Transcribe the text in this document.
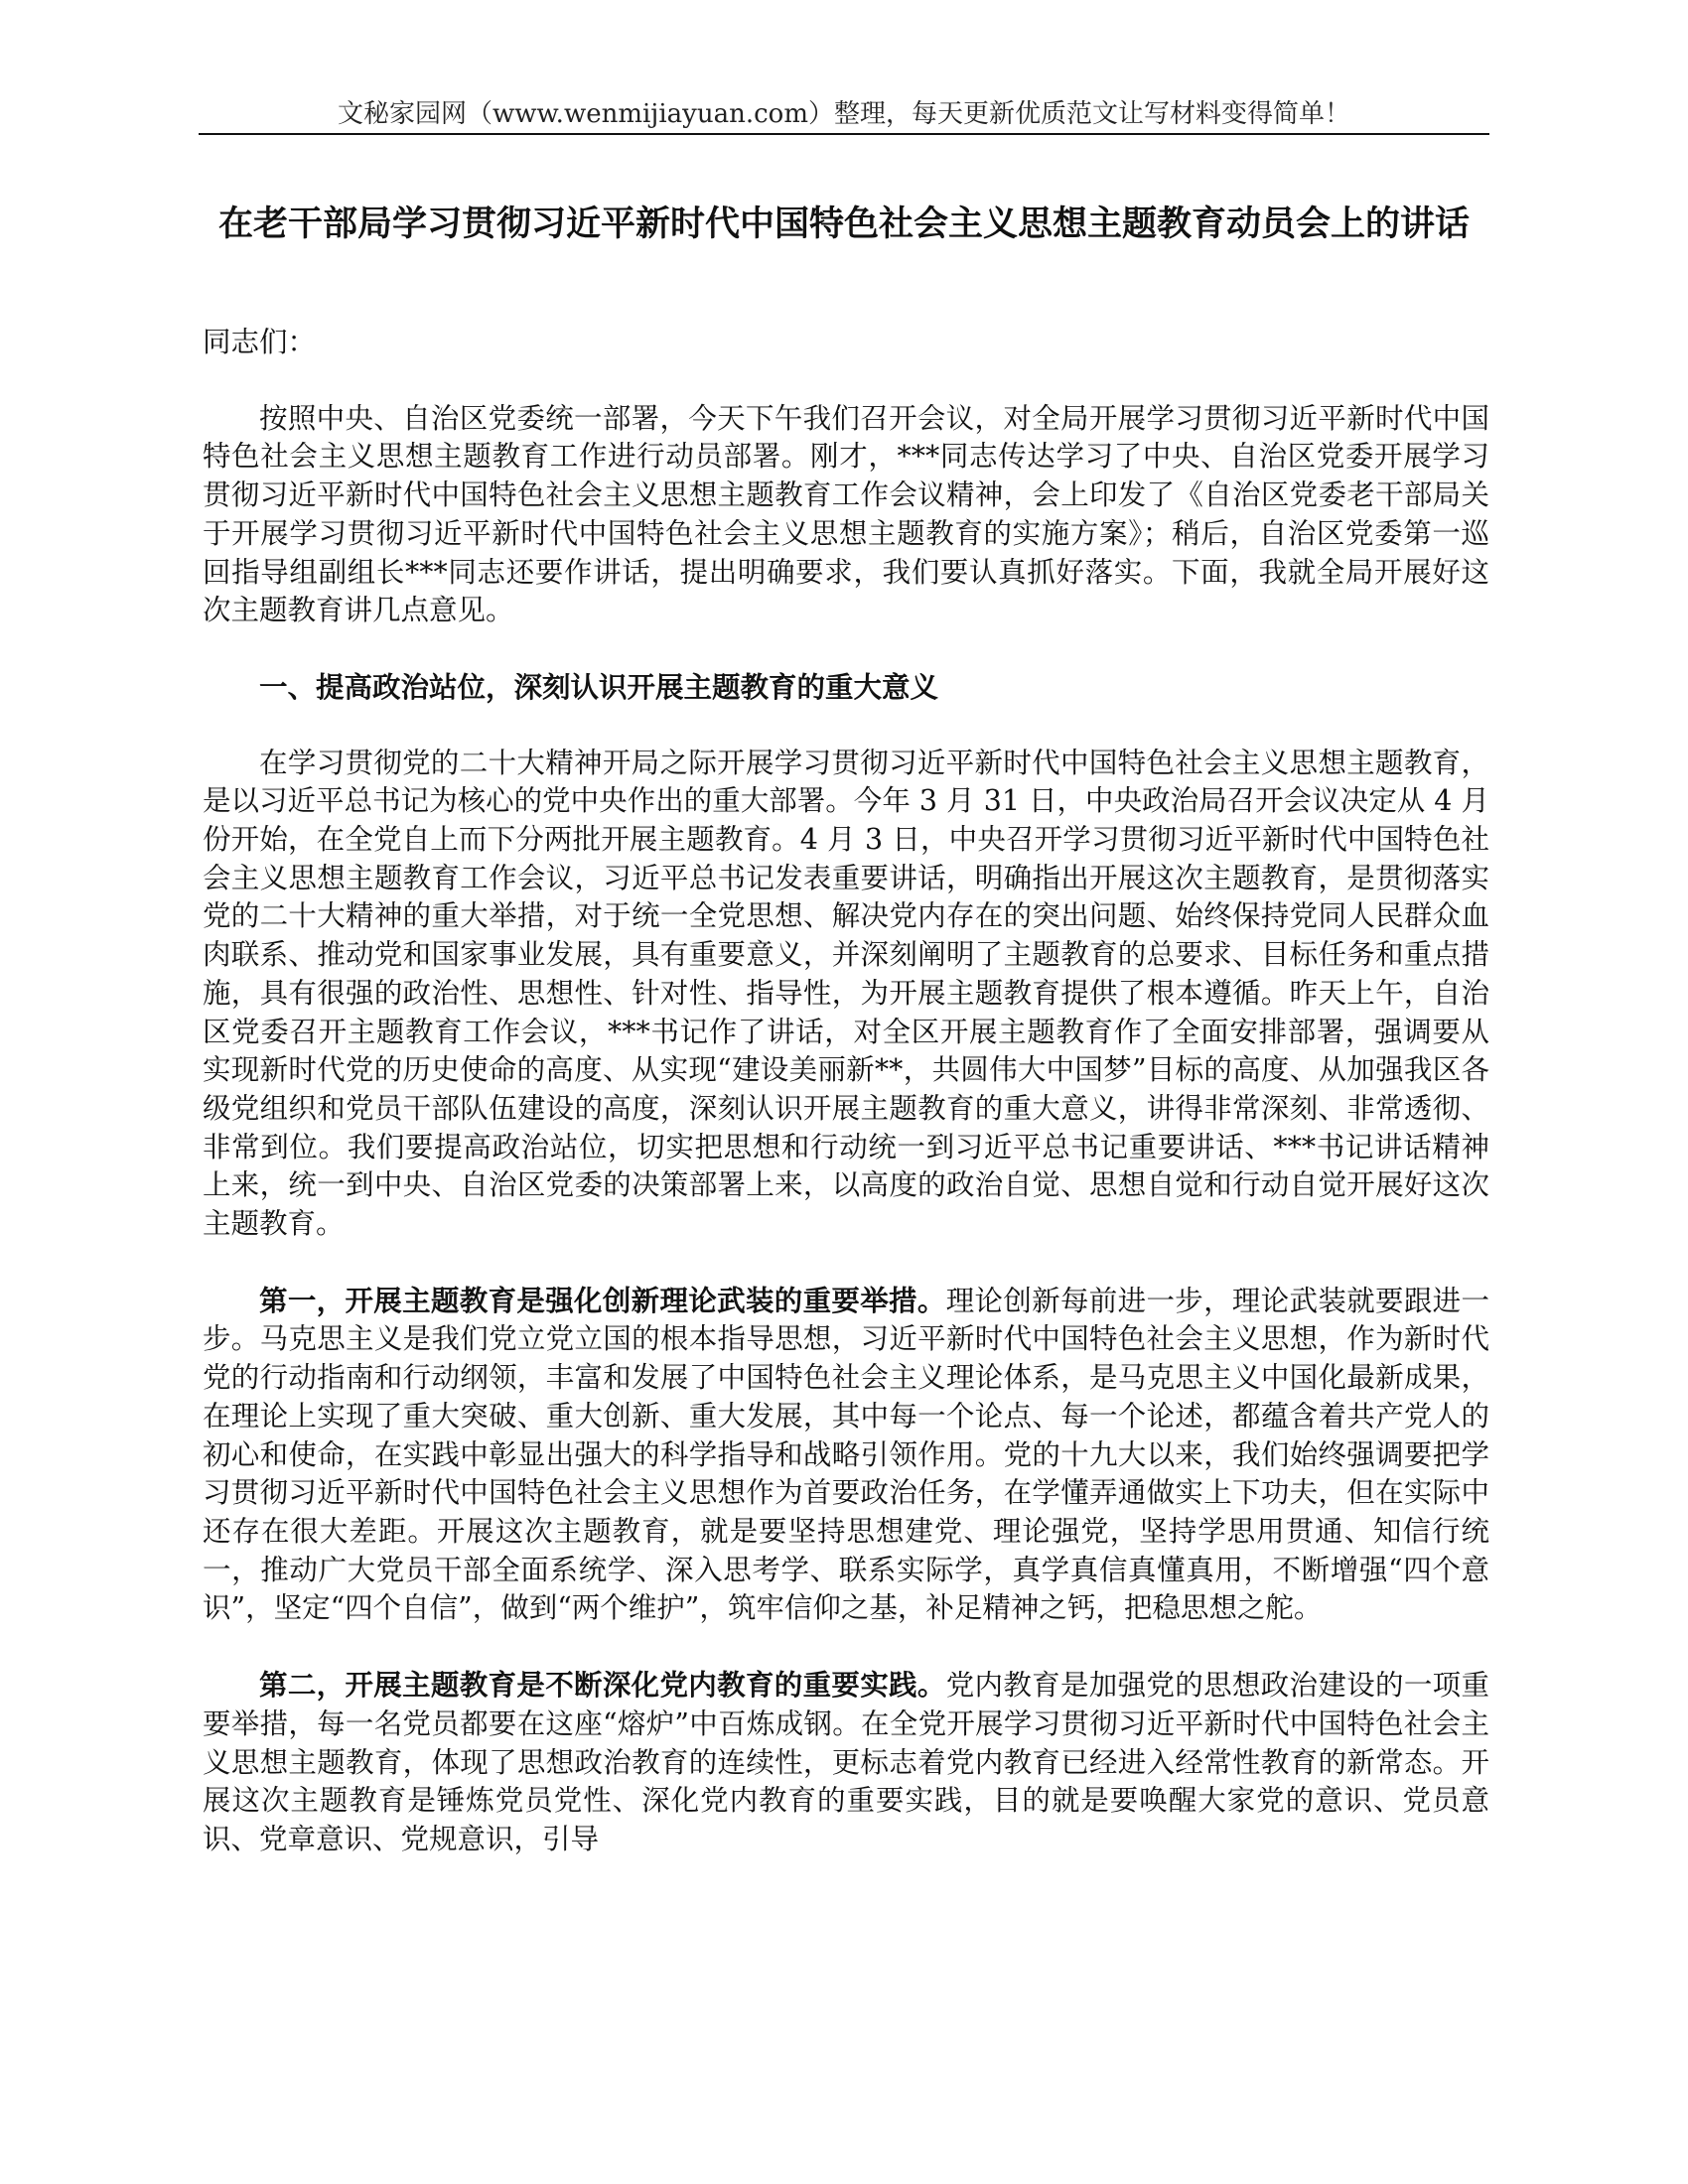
文秘家园网（www.wenmijiayuan.com）整理，每天更新优质范文让写材料变得简单！
在老干部局学习贯彻习近平新时代中国特色社会主义思想主题教育动员会上的讲话

同志们：

按照中央、自治区党委统一部署，今天下午我们召开会议，对全局开展学习贯彻习近平新时代中国特色社会主义思想主题教育工作进行动员部署。刚才，***同志传达学习了中央、自治区党委开展学习贯彻习近平新时代中国特色社会主义思想主题教育工作会议精神，会上印发了《自治区党委老干部局关于开展学习贯彻习近平新时代中国特色社会主义思想主题教育的实施方案》；稍后，自治区党委第一巡回指导组副组长***同志还要作讲话，提出明确要求，我们要认真抓好落实。下面，我就全局开展好这次主题教育讲几点意见。

一、提高政治站位，深刻认识开展主题教育的重大意义

在学习贯彻党的二十大精神开局之际开展学习贯彻习近平新时代中国特色社会主义思想主题教育，是以习近平总书记为核心的党中央作出的重大部署。今年 3 月 31 日，中央政治局召开会议决定从 4 月份开始，在全党自上而下分两批开展主题教育。4 月 3 日，中央召开学习贯彻习近平新时代中国特色社会主义思想主题教育工作会议，习近平总书记发表重要讲话，明确指出开展这次主题教育，是贯彻落实党的二十大精神的重大举措，对于统一全党思想、解决党内存在的突出问题、始终保持党同人民群众血肉联系、推动党和国家事业发展，具有重要意义，并深刻阐明了主题教育的总要求、目标任务和重点措施，具有很强的政治性、思想性、针对性、指导性，为开展主题教育提供了根本遵循。昨天上午，自治区党委召开主题教育工作会议，***书记作了讲话，对全区开展主题教育作了全面安排部署，强调要从实现新时代党的历史使命的高度、从实现“建设美丽新**，共圆伟大中国梦”目标的高度、从加强我区各级党组织和党员干部队伍建设的高度，深刻认识开展主题教育的重大意义，讲得非常深刻、非常透彻、非常到位。我们要提高政治站位，切实把思想和行动统一到习近平总书记重要讲话、***书记讲话精神上来，统一到中央、自治区党委的决策部署上来，以高度的政治自觉、思想自觉和行动自觉开展好这次主题教育。

第一，开展主题教育是强化创新理论武装的重要举措。理论创新每前进一步，理论武装就要跟进一步。马克思主义是我们党立党立国的根本指导思想，习近平新时代中国特色社会主义思想，作为新时代党的行动指南和行动纲领，丰富和发展了中国特色社会主义理论体系，是马克思主义中国化最新成果，在理论上实现了重大突破、重大创新、重大发展，其中每一个论点、每一个论述，都蕴含着共产党人的初心和使命，在实践中彰显出强大的科学指导和战略引领作用。党的十九大以来，我们始终强调要把学习贯彻习近平新时代中国特色社会主义思想作为首要政治任务，在学懂弄通做实上下功夫，但在实际中还存在很大差距。开展这次主题教育，就是要坚持思想建党、理论强党，坚持学思用贯通、知信行统一，推动广大党员干部全面系统学、深入思考学、联系实际学，真学真信真懂真用，不断增强“四个意识”，坚定“四个自信”，做到“两个维护”，筑牢信仰之基，补足精神之钙，把稳思想之舵。

第二，开展主题教育是不断深化党内教育的重要实践。党内教育是加强党的思想政治建设的一项重要举措，每一名党员都要在这座“熔炉”中百炼成钢。在全党开展学习贯彻习近平新时代中国特色社会主义思想主题教育，体现了思想政治教育的连续性，更标志着党内教育已经进入经常性教育的新常态。开展这次主题教育是锤炼党员党性、深化党内教育的重要实践，目的就是要唤醒大家党的意识、党员意识、党章意识、党规意识，引导
